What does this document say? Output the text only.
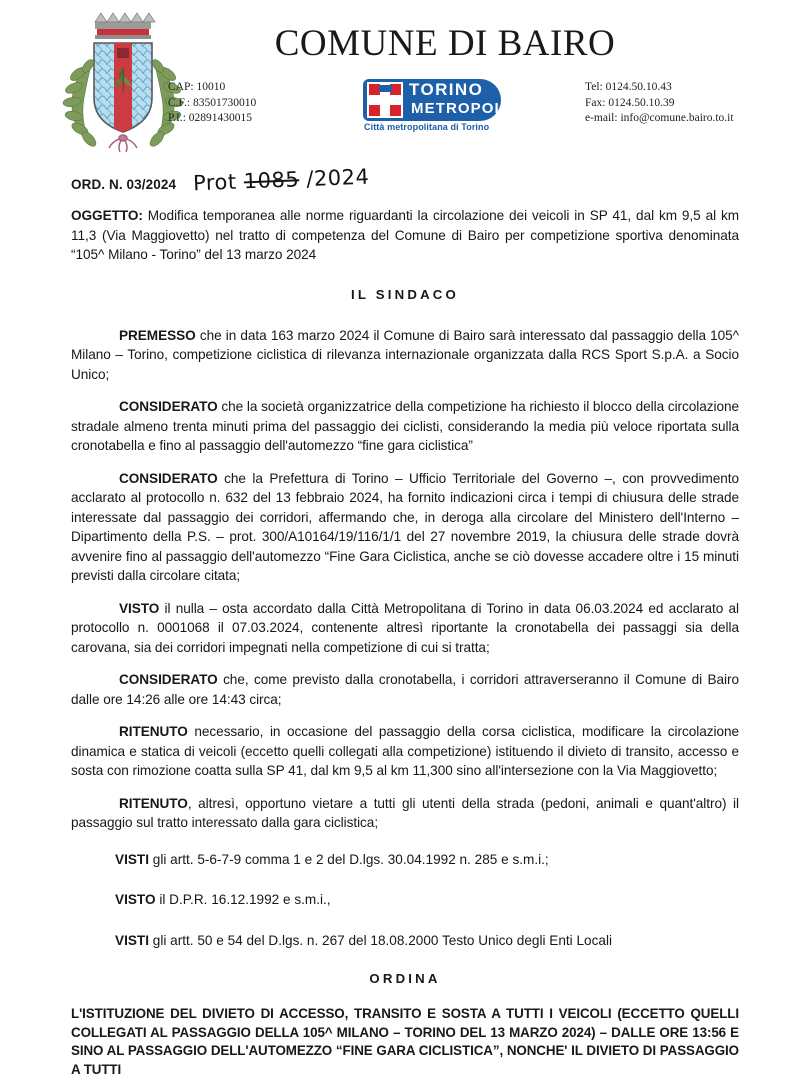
COMUNE DI BAIRO
CAP: 10010
C.F.: 83501730010
P.I.: 02891430015
Tel: 0124.50.10.43
Fax: 0124.50.10.39
e-mail: info@comune.bairo.to.it
TORINO
METROPOLI
Città metropolitana di Torino
ORD. N. 03/2024 Prot 1085 /2024

OGGETTO: Modifica temporanea alle norme riguardanti la circolazione dei veicoli in SP 41, dal km 9,5 al km 11,3 (Via Maggiovetto) nel tratto di competenza del Comune di Bairo per competizione sportiva denominata “105^ Milano - Torino” del 13 marzo 2024

IL SINDACO

PREMESSO che in data 163 marzo 2024 il Comune di Bairo sarà interessato dal passaggio della 105^ Milano – Torino, competizione ciclistica di rilevanza internazionale organizzata dalla RCS Sport S.p.A. a Socio Unico;

CONSIDERATO che la società organizzatrice della competizione ha richiesto il blocco della circolazione stradale almeno trenta minuti prima del passaggio dei ciclisti, considerando la media più veloce riportata sulla cronotabella e fino al passaggio dell'automezzo “fine gara ciclistica”

CONSIDERATO che la Prefettura di Torino – Ufficio Territoriale del Governo –, con provvedimento acclarato al protocollo n. 632 del 13 febbraio 2024, ha fornito indicazioni circa i tempi di chiusura delle strade interessate dal passaggio dei corridori, affermando che, in deroga alla circolare del Ministero dell'Interno – Dipartimento della P.S. – prot. 300/A10164/19/116/1/1 del 27 novembre 2019, la chiusura delle strade dovrà avvenire fino al passaggio dell'automezzo “Fine Gara Ciclistica, anche se ciò dovesse accadere oltre i 15 minuti previsti dalla circolare citata;

VISTO il nulla – osta accordato dalla Città Metropolitana di Torino in data 06.03.2024 ed acclarato al protocollo n. 0001068 il 07.03.2024, contenente altresì riportante la cronotabella dei passaggi sia della carovana, sia dei corridori impegnati nella competizione di cui si tratta;

CONSIDERATO che, come previsto dalla cronotabella, i corridori attraverseranno il Comune di Bairo dalle ore 14:26 alle ore 14:43 circa;

RITENUTO necessario, in occasione del passaggio della corsa ciclistica, modificare la circolazione dinamica e statica di veicoli (eccetto quelli collegati alla competizione) istituendo il divieto di transito, accesso e sosta con rimozione coatta sulla SP 41, dal km 9,5 al km 11,300 sino all'intersezione con la Via Maggiovetto;

RITENUTO, altresì, opportuno vietare a tutti gli utenti della strada (pedoni, animali e quant'altro) il passaggio sul tratto interessato dalla gara ciclistica;

VISTI gli artt. 5-6-7-9 comma 1 e 2 del D.lgs. 30.04.1992 n. 285 e s.m.i.;

VISTO il D.P.R. 16.12.1992 e s.m.i.,

VISTI gli artt. 50 e 54 del D.lgs. n. 267 del 18.08.2000 Testo Unico degli Enti Locali

ORDINA

L'ISTITUZIONE DEL DIVIETO DI ACCESSO, TRANSITO E SOSTA A TUTTI I VEICOLI (ECCETTO QUELLI COLLEGATI AL PASSAGGIO DELLA 105^ MILANO – TORINO DEL 13 MARZO 2024) – DALLE ORE 13:56 E SINO AL PASSAGGIO DELL'AUTOMEZZO “FINE GARA CICLISTICA”, NONCHE' IL DIVIETO DI PASSAGGIO A TUTTI
